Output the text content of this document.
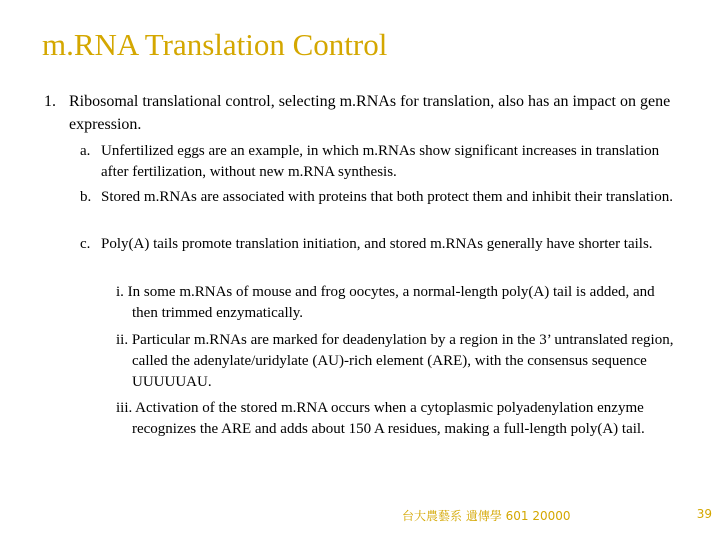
m.RNA Translation Control
1. Ribosomal translational control, selecting m.RNAs for translation, also has an impact on gene expression.
a. Unfertilized eggs are an example, in which m.RNAs show significant increases in translation after fertilization, without new m.RNA synthesis.
b. Stored m.RNAs are associated with proteins that both protect them and inhibit their translation.
c. Poly(A) tails promote translation initiation, and stored m.RNAs generally have shorter tails.
i. In some m.RNAs of mouse and frog oocytes, a normal-length poly(A) tail is added, and then trimmed enzymatically.
ii. Particular m.RNAs are marked for deadenylation by a region in the 3’ untranslated region, called the adenylate/uridylate (AU)-rich element (ARE), with the consensus sequence UUUUUAU.
iii. Activation of the stored m.RNA occurs when a cytoplasmic polyadenylation enzyme recognizes the ARE and adds about 150 A residues, making a full-length poly(A) tail.
台大農藝系 遺傳學 601 20000	39
